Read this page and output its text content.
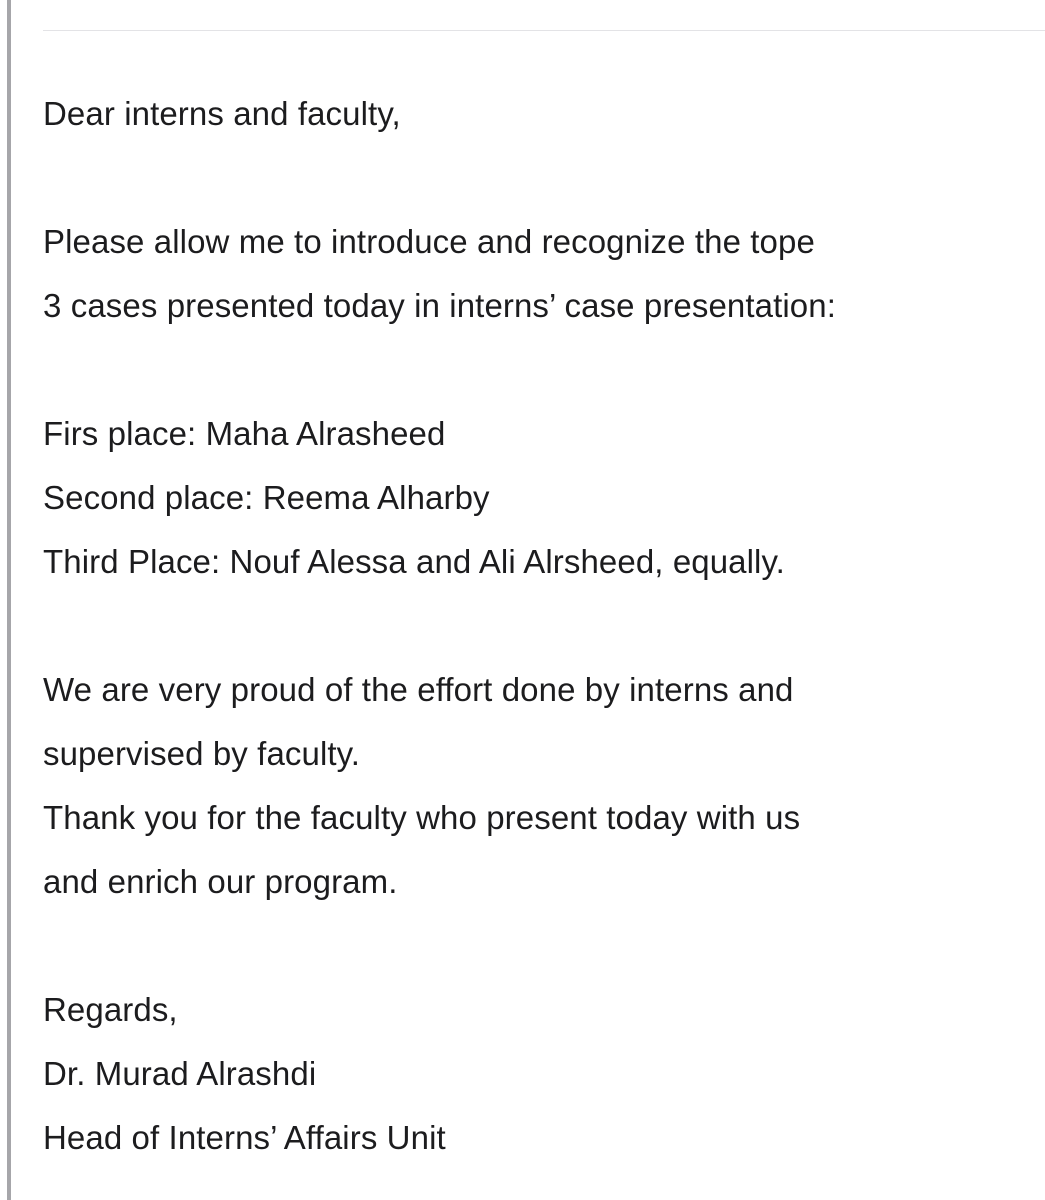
Dear interns and faculty,
Please allow me to introduce and recognize the tope
3 cases presented today in interns’ case presentation:
Firs place: Maha Alrasheed
Second place: Reema Alharby
Third Place: Nouf Alessa and Ali Alrsheed, equally.
We are very proud of the effort done by interns and
supervised by faculty.
Thank you for the faculty who present today with us
and enrich our program.
Regards,
Dr. Murad Alrashdi
Head of Interns’ Affairs Unit
